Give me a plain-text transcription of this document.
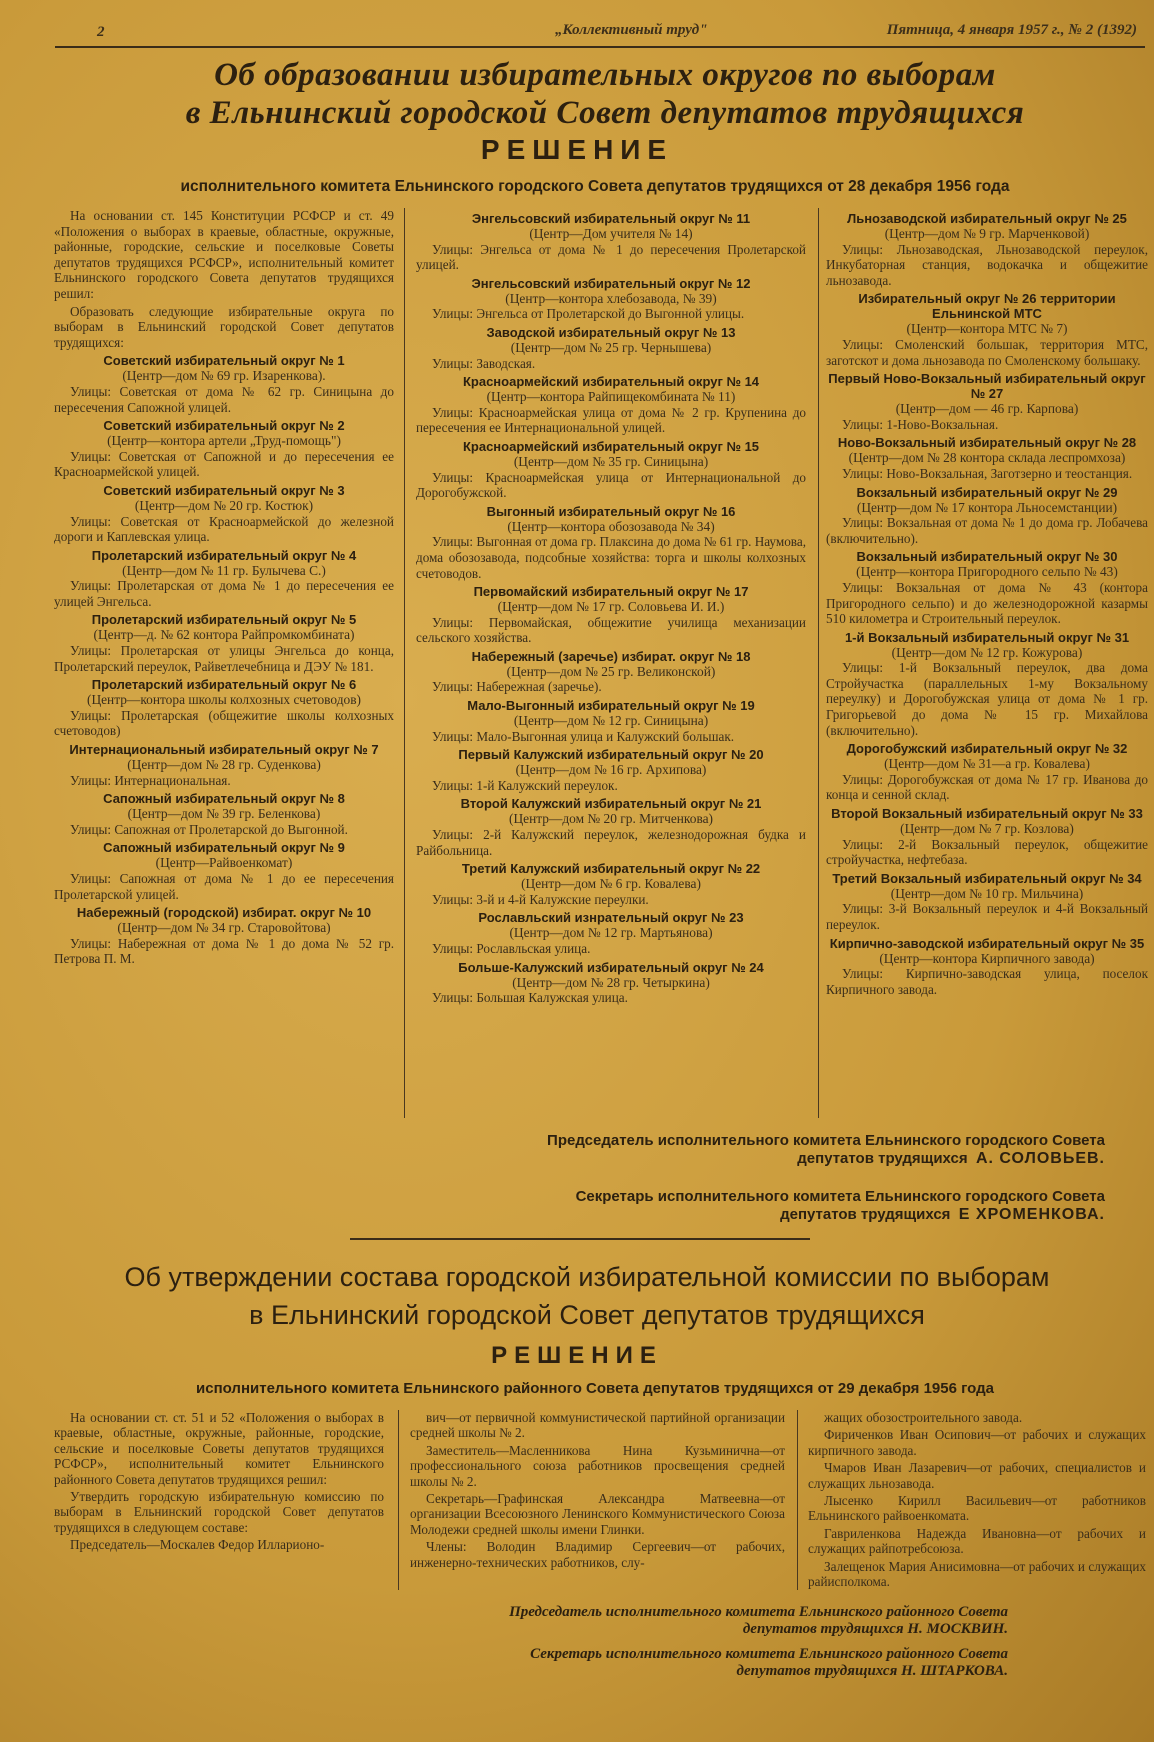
2	„Коллективный труд"	Пятница, 4 января 1957 г., № 2 (1392)
Об образовании избирательных округов по выборам
в Ельнинский городской Совет депутатов трудящихся
РЕШЕНИЕ
исполнительного комитета Ельнинского городского Совета депутатов трудящихся от 28 декабря 1956 года

На основании ст. 145 Конституции РСФСР и ст. 49 «Положения о выборах в краевые, областные, окружные, районные, городские, сельские и поселковые Советы депутатов трудящихся РСФСР», исполнительный комитет Ельнинского городского Совета депутатов трудящихся решил:

Образовать следующие избирательные округа по выборам в Ельнинский городской Совет депутатов трудящихся:

Советский избирательный округ № 1
(Центр—дом № 69 гр. Изаренкова).
Улицы: Советская от дома № 62 гр. Синицына до пересечения Сапожной улицей.
Советский избирательный округ № 2
(Центр—контора артели „Труд-помощь")
Улицы: Советская от Сапожной и до пересечения ее Красноармейской улицей.
Советский избирательный округ № 3
(Центр—дом № 20 гр. Костюк)
Улицы: Советская от Красноармейской до железной дороги и Каплевская улица.
Пролетарский избирательный округ № 4
(Центр—дом № 11 гр. Булычева С.)
Улицы: Пролетарская от дома № 1 до пересечения ее улицей Энгельса.
Пролетарский избирательный округ № 5
(Центр—д. № 62 контора Райпромкомбината)
Улицы: Пролетарская от улицы Энгельса до конца, Пролетарский переулок, Райветлечебница и ДЭУ № 181.
Пролетарский избирательный округ № 6
(Центр—контора школы колхозных счетоводов)
Улицы: Пролетарская (общежитие школы колхозных счетоводов)
Интернациональный избирательный округ № 7
(Центр—дом № 28 гр. Суденкова)
Улицы: Интернациональная.
Сапожный избирательный округ № 8
(Центр—дом № 39 гр. Беленкова)
Улицы: Сапожная от Пролетарской до Выгонной.
Сапожный избирательный округ № 9
(Центр—Райвоенкомат)
Улицы: Сапожная от дома № 1 до ее пересечения Пролетарской улицей.
Набережный (городской) избират. округ № 10
(Центр—дом № 34 гр. Старовойтова)
Улицы: Набережная от дома № 1 до дома № 52 гр. Петрова П. М.
Энгельсовский избирательный округ № 11
(Центр—Дом учителя № 14)
Улицы: Энгельса от дома № 1 до пересечения Пролетарской улицей.
Энгельсовский избирательный округ № 12
(Центр—контора хлебозавода, № 39)
Улицы: Энгельса от Пролетарской до Выгонной улицы.
Заводской избирательный округ № 13
(Центр—дом № 25 гр. Чернышева)
Улицы: Заводская.
Красноармейский избирательный округ № 14
(Центр—контора Райпищекомбината № 11)
Улицы: Красноармейская улица от дома № 2 гр. Крупенина до пересечения ее Интернациональной улицей.
Красноармейский избирательный округ № 15
(Центр—дом № 35 гр. Синицына)
Улицы: Красноармейская улица от Интернациональной до Дорогобужской.
Выгонный избирательный округ № 16
(Центр—контора обозозавода № 34)
Улицы: Выгонная от дома гр. Плаксина до дома № 61 гр. Наумова, дома обозозавода, подсобные хозяйства: торга и школы колхозных счетоводов.
Первомайский избирательный округ № 17
(Центр—дом № 17 гр. Соловьева И. И.)
Улицы: Первомайская, общежитие училища механизации сельского хозяйства.
Набережный (заречье) избират. округ № 18
(Центр—дом № 25 гр. Великонской)
Улицы: Набережная (заречье).
Мало-Выгонный избирательный округ № 19
(Центр—дом № 12 гр. Синицына)
Улицы: Мало-Выгонная улица и Калужский большак.
Первый Калужский избирательный округ № 20
(Центр—дом № 16 гр. Архипова)
Улицы: 1-й Калужский переулок.
Второй Калужский избирательный округ № 21
(Центр—дом № 20 гр. Митченкова)
Улицы: 2-й Калужский переулок, железнодорожная будка и Райбольница.
Третий Калужский избирательный округ № 22
(Центр—дом № 6 гр. Ковалева)
Улицы: 3-й и 4-й Калужские переулки.
Рославльский изнрательный округ № 23
(Центр—дом № 12 гр. Мартьянова)
Улицы: Рославльская улица.
Больше-Калужский избирательный округ № 24
(Центр—дом № 28 гр. Четыркина)
Улицы: Большая Калужская улица.
Льнозаводской избирательный округ № 25
(Центр—дом № 9 гр. Марченковой)
Улицы: Льнозаводская, Льнозаводской переулок, Инкубаторная станция, водокачка и общежитие льнозавода.
Избирательный округ № 26 территории Ельнинской МТС
(Центр—контора МТС № 7)
Улицы: Смоленский большак, территория МТС, заготскот и дома льнозавода по Смоленскому большаку.
Первый Ново-Вокзальный избирательный округ № 27
(Центр—дом — 46 гр. Карпова)
Улицы: 1-Ново-Вокзальная.
Ново-Вокзальный избирательный округ № 28
(Центр—дом № 28 контора склада леспромхоза)
Улицы: Ново-Вокзальная, Заготзерно и теостанция.
Вокзальный избирательный округ № 29
(Центр—дом № 17 контора Льносемстанции)
Улицы: Вокзальная от дома № 1 до дома гр. Лобачева (включительно).
Вокзальный избирательный округ № 30
(Центр—контора Пригородного сельпо № 43)
Улицы: Вокзальная от дома № 43 (контора Пригородного сельпо) и до железнодорожной казармы 510 километра и Строительный переулок.
1-й Вокзальный избирательный округ № 31
(Центр—дом № 12 гр. Кожурова)
Улицы: 1-й Вокзальный переулок, два дома Стройучастка (параллельных 1-му Вокзальному переулку) и Дорогобужская улица от дома № 1 гр. Григорьевой до дома № 15 гр. Михайлова (включительно).
Дорогобужский избирательный округ № 32
(Центр—дом № 31—а гр. Ковалева)
Улицы: Дорогобужская от дома № 17 гр. Иванова до конца и сенной склад.
Второй Вокзальный избирательный округ № 33
(Центр—дом № 7 гр. Козлова)
Улицы: 2-й Вокзальный переулок, общежитие стройучастка, нефтебаза.
Третий Вокзальный избирательный округ № 34
(Центр—дом № 10 гр. Мильчина)
Улицы: 3-й Вокзальный переулок и 4-й Вокзальный переулок.
Кирпично-заводской избирательный округ № 35
(Центр—контора Кирпичного завода)
Улицы: Кирпично-заводская улица, поселок Кирпичного завода.
Председатель исполнительного комитета Ельнинского городского Совета
депутатов трудящихся А. СОЛОВЬЕВ.
Секретарь исполнительного комитета Ельнинского городского Совета
депутатов трудящихся Е ХРОМЕНКОВА.
Об утверждении состава городской избирательной комиссии по выборам
в Ельнинский городской Совет депутатов трудящихся
РЕШЕНИЕ
исполнительного комитета Ельнинского районного Совета депутатов трудящихся от 29 декабря 1956 года

На основании ст. ст. 51 и 52 «Положения о выборах в краевые, областные, окружные, районные, городские, сельские и поселковые Советы депутатов трудящихся РСФСР», исполнительный комитет Ельнинского районного Совета депутатов трудящихся решил:

Утвердить городскую избирательную комиссию по выборам в Ельнинский городской Совет депутатов трудящихся в следующем составе:

Председатель—Москалев Федор Илларионо-

вич—от первичной коммунистической партийной организации средней школы № 2.

Заместитель—Масленникова Нина Кузьминична—от профессионального союза работников просвещения средней школы № 2.

Секретарь—Графинская Александра Матвеевна—от организации Всесоюзного Ленинского Коммунистического Союза Молодежи средней школы имени Глинки.

Члены: Володин Владимир Сергеевич—от рабочих, инженерно-технических работников, слу-

жащих обозостроительного завода.

Фириченков Иван Осипович—от рабочих и служащих кирпичного завода.

Чмаров Иван Лазаревич—от рабочих, специалистов и служащих льнозавода.

Лысенко Кирилл Васильевич—от работников Ельнинского райвоенкомата.

Гавриленкова Надежда Ивановна—от рабочих и служащих райпотребсоюза.

Залещенок Мария Анисимовна—от рабочих и служащих райисполкома.

Председатель исполнительного комитета Ельнинского районного Совета
депутатов трудящихся Н. МОСКВИН.
Секретарь исполнительного комитета Ельнинского районного Совета
депутатов трудящихся Н. ШТАРКОВА.
